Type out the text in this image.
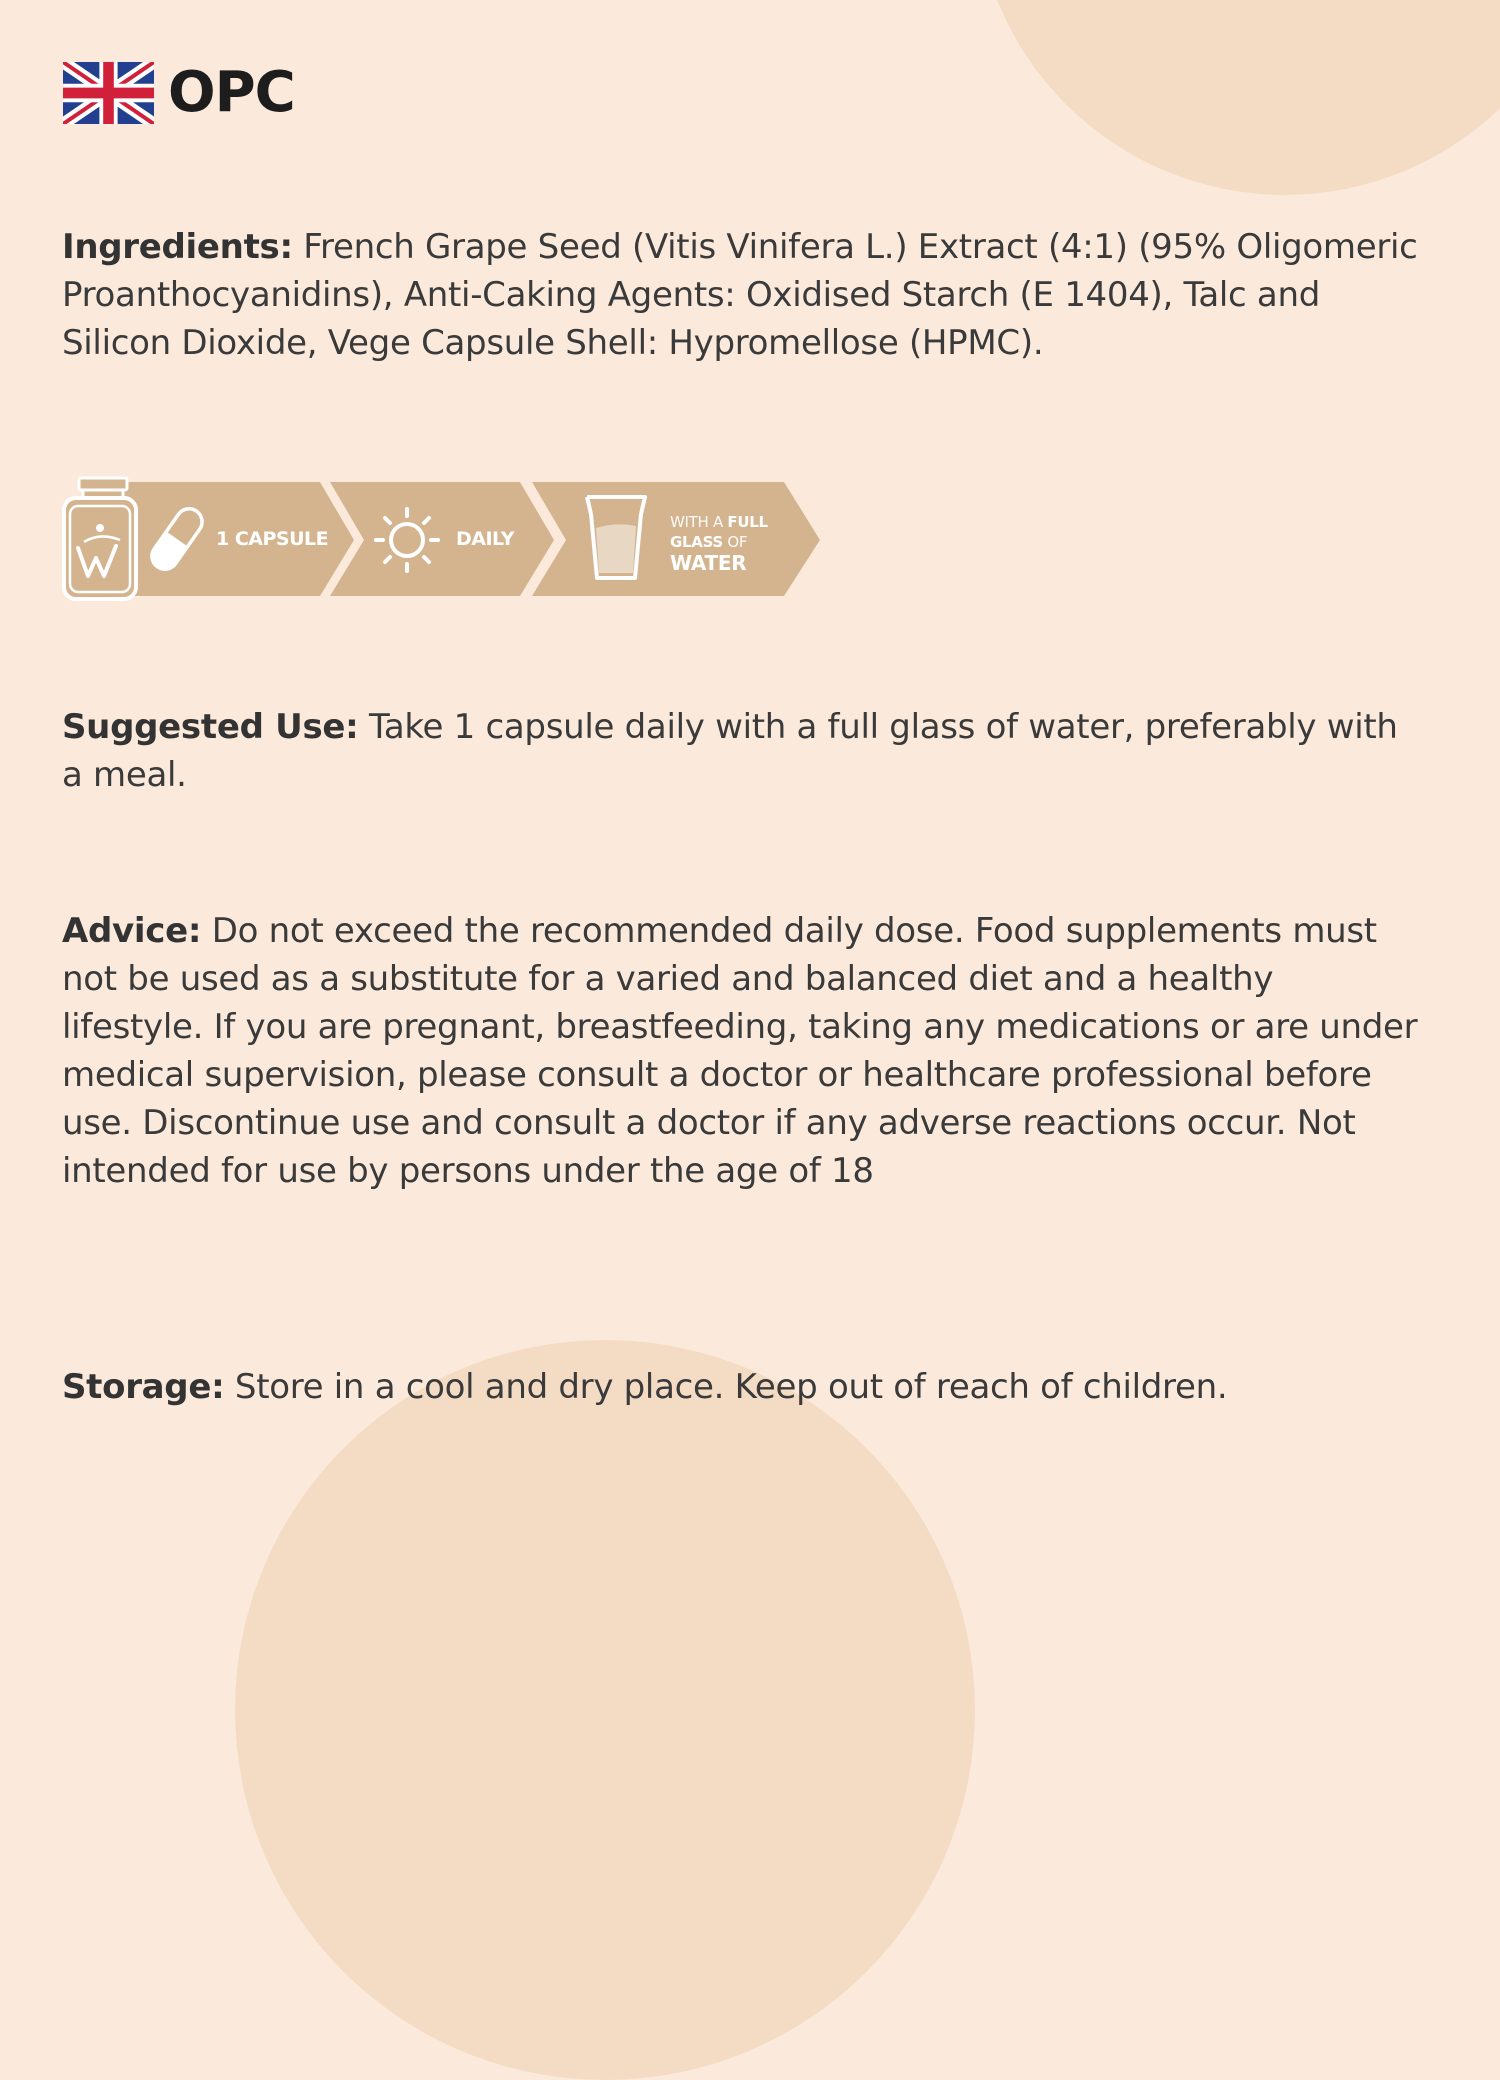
OPC

Ingredients: French Grape Seed (Vitis Vinifera L.) Extract (4:1) (95% Oligomeric Proanthocyanidins), Anti-Caking Agents: Oxidised Starch (E 1404), Talc and Silicon Dioxide, Vege Capsule Shell: Hypromellose (HPMC).

1 CAPSULE	DAILY
WITH A FULL
GLASS OF
WATER

Suggested Use: Take 1 capsule daily with a full glass of water, preferably with a meal.

Advice: Do not exceed the recommended daily dose. Food supplements must not be used as a substitute for a varied and balanced diet and a healthy lifestyle. If you are pregnant, breastfeeding, taking any medications or are under medical supervision, please consult a doctor or healthcare professional before use. Discontinue use and consult a doctor if any adverse reactions occur. Not intended for use by persons under the age of 18

Storage: Store in a cool and dry place. Keep out of reach of children.
